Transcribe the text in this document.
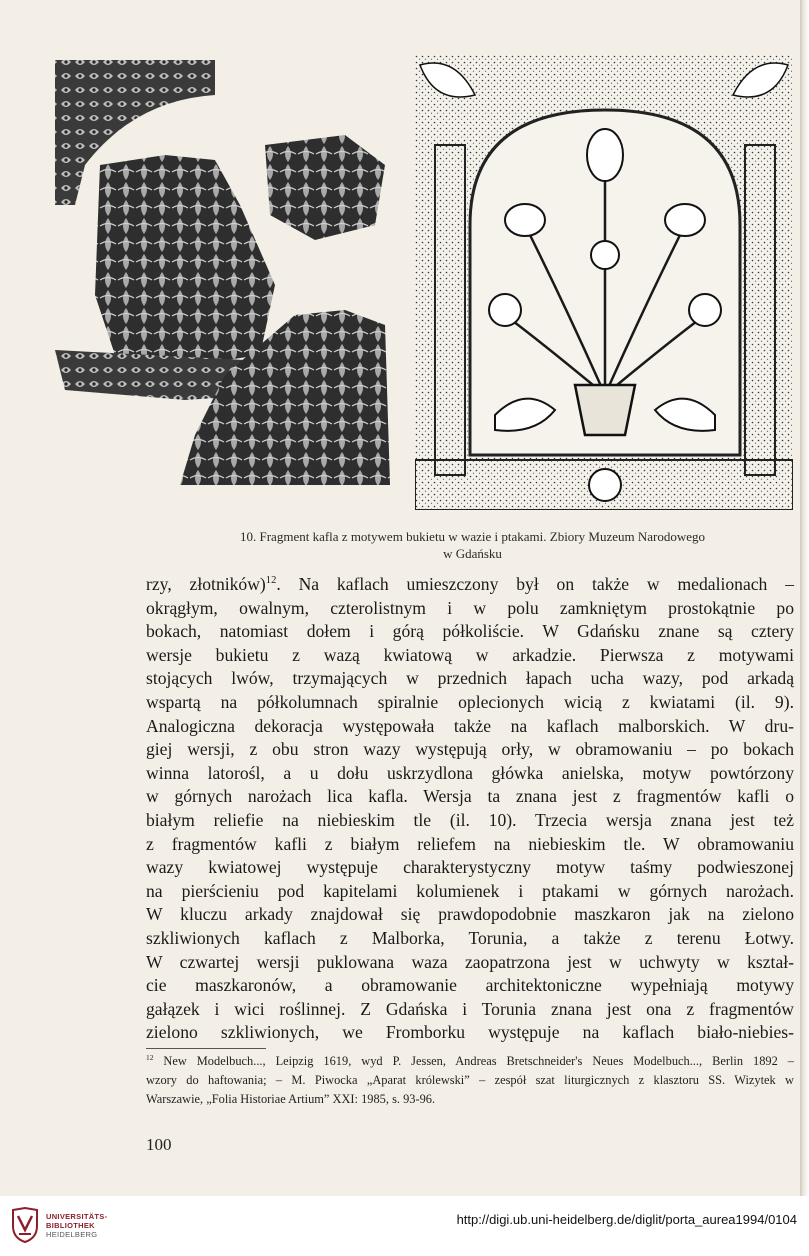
10. Fragment kafla z motywem bukietu w wazie i ptakami. Zbiory Muzeum Narodowego
w Gdańsku
rzy, złotników)$^{12}$. Na kaflach umieszczony był on także w medalionach –
okrągłym, owalnym, czterolistnym i w polu zamkniętym prostokątnie po
bokach, natomiast dołem i górą półkoliście. W Gdańsku znane są cztery
wersje bukietu z wazą kwiatową w arkadzie. Pierwsza z motywami
stojących lwów, trzymających w przednich łapach ucha wazy, pod arkadą
wspartą na półkolumnach spiralnie oplecionych wicią z kwiatami (il. 9).
Analogiczna dekoracja występowała także na kaflach malborskich. W dru-
giej wersji, z obu stron wazy występują orły, w obramowaniu – po bokach
winna latorośl, a u dołu uskrzydlona główka anielska, motyw powtórzony
w górnych narożach lica kafla. Wersja ta znana jest z fragmentów kafli o
białym reliefie na niebieskim tle (il. 10). Trzecia wersja znana jest też
z fragmentów kafli z białym reliefem na niebieskim tle. W obramowaniu
wazy kwiatowej występuje charakterystyczny motyw taśmy podwieszonej
na pierścieniu pod kapitelami kolumienek i ptakami w górnych narożach.
W kluczu arkady znajdował się prawdopodobnie maszkaron jak na zielono
szkliwionych kaflach z Malborka, Torunia, a także z terenu Łotwy.
W czwartej wersji puklowana waza zaopatrzona jest w uchwyty w kształ-
cie maszkaronów, a obramowanie architektoniczne wypełniają motywy
gałązek i wici roślinnej. Z Gdańska i Torunia znana jest ona z fragmentów
zielono szkliwionych, we Fromborku występuje na kaflach biało-niebies-
$^{12}$ New Modelbuch..., Leipzig 1619, wyd P. Jessen, Andreas Bretschneider's Neues Modelbuch..., Berlin 1892 –
wzory do haftowania; – M. Piwocka „Aparat królewski” – zespół szat liturgicznych z klasztoru SS. Wizytek w
Warszawie, „Folia Historiae Artium” XXI: 1985, s. 93-96.
100
UNIVERSITÄTS-
BIBLIOTHEK
HEIDELBERG
http://digi.ub.uni-heidelberg.de/diglit/porta_aurea1994/0104
